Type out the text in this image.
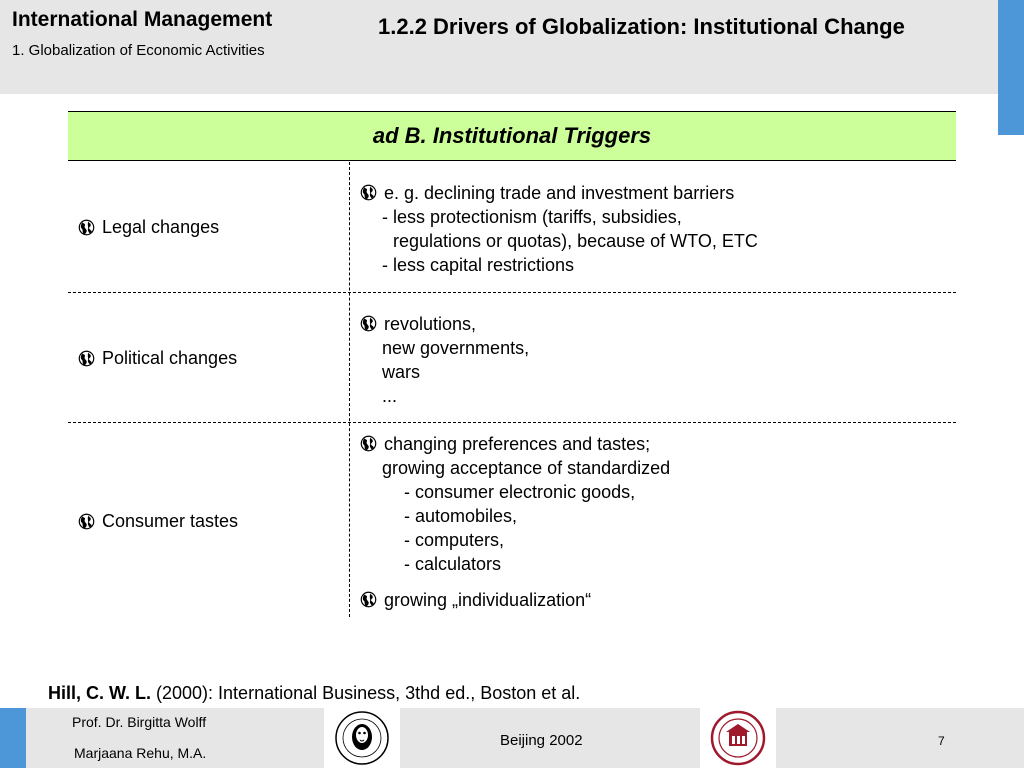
International Management
1. Globalization of Economic Activities
1.2.2 Drivers of Globalization: Institutional Change
ad B. Institutional Triggers
Legal changes
e. g. declining trade and investment barriers
- less protectionism (tariffs, subsidies,
regulations or quotas), because of WTO, ETC
- less capital restrictions
Political changes
revolutions,
new governments,
wars
...
Consumer tastes
changing preferences and tastes;
growing acceptance of standardized
- consumer electronic goods,
- automobiles,
- computers,
- calculators
growing „individualization“
Hill, C. W. L. (2000): International Business, 3thd ed., Boston et al.
Prof. Dr. Birgitta Wolff
Marjaana Rehu, M.A.
Beijing 2002	7
